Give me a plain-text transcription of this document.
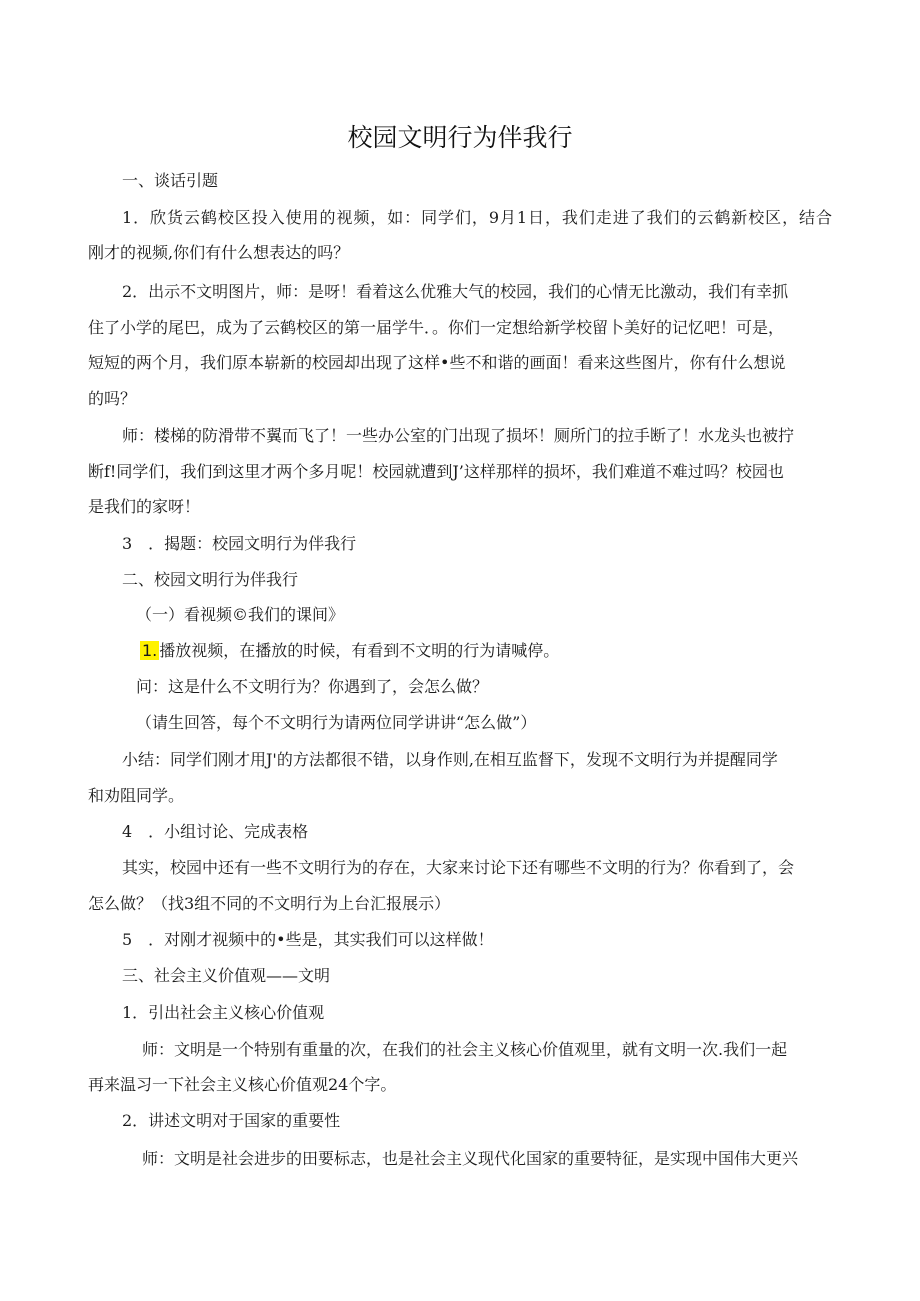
校园文明行为伴我行
一、谈话引题
1．欣货云鹤校区投入使用的视频，如：同学们，9月1日，我们走进了我们的云鹤新校区，结合
刚才的视频,你们有什么想表达的吗？
2．出示不文明图片，师：是呀！看着这么优雅大气的校园，我们的心情无比激动，我们有幸抓
住了小学的尾巴，成为了云鹤校区的第一届学牛．。你们一定想给新学校留卜美好的记忆吧！可是，
短短的两个月，我们原本崭新的校园却出现了这样•些不和谐的画面！看来这些图片，你有什么想说
的吗？
师：楼梯的防滑带不翼而飞了！一些办公室的门出现了损坏！厕所门的拉手断了！水龙头也被拧
断f!同学们，我们到这里才两个多月呢！校园就遭到J’这样那样的损坏，我们难道不难过吗？校园也
是我们的家呀！
3　．揭题：校园文明行为伴我行
二、校园文明行为伴我行
（一）看视频©我们的课间》
1. 播放视频，在播放的时候，有看到不文明的行为请喊停。
问：这是什么不文明行为？你遇到了，会怎么做？
（请生回答，每个不文明行为请两位同学讲讲“怎么做”）
小结：同学们刚才用J'的方法都很不错，以身作则,在相互监督下，发现不文明行为并提醒同学
和劝阻同学。
4　．小组讨论、完成表格
其实，校园中还有一些不文明行为的存在，大家来讨论下还有哪些不文明的行为？你看到了，会
怎么做？（找3组不同的不文明行为上台汇报展示）
5　．对刚才视频中的•些是，其实我们可以这样做！
三、社会主义价值观——文明
1．引出社会主义核心价值观
师：文明是一个特别有重量的次，在我们的社会主义核心价值观里，就有文明一次.我们一起
再来温习一下社会主义核心价值观24个字。
2．讲述文明对于国家的重要性
师：文明是社会进步的田要标志，也是社会主义现代化国家的重要特征，是实现中国伟大更兴
